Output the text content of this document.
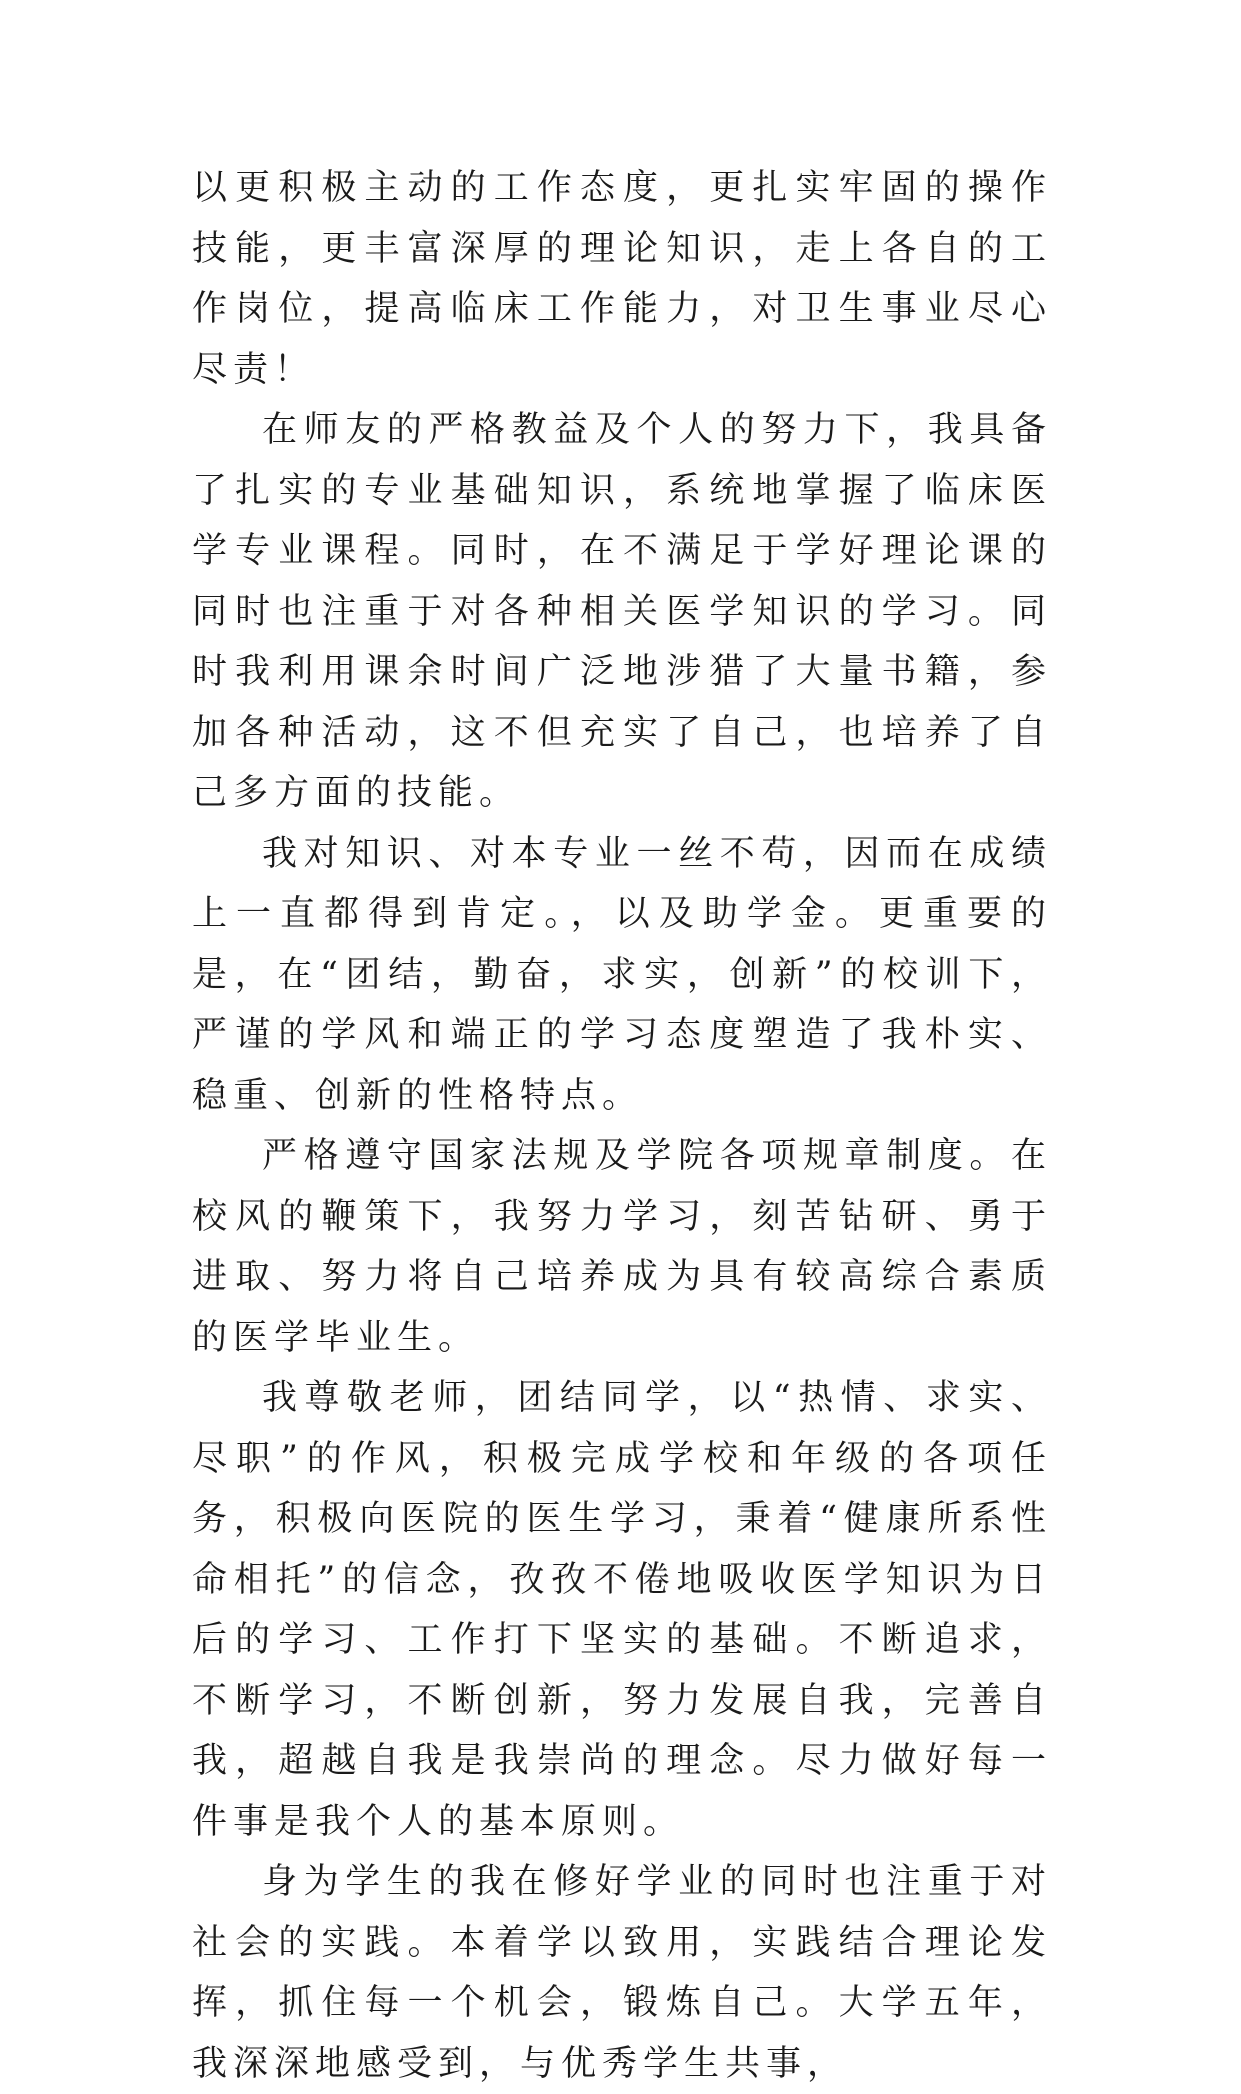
以更积极主动的工作态度，更扎实牢固的操作技能，更丰富深厚的理论知识，走上各自的工作岗位，提高临床工作能力，对卫生事业尽心尽责！

在师友的严格教益及个人的努力下，我具备了扎实的专业基础知识，系统地掌握了临床医学专业课程。同时，在不满足于学好理论课的同时也注重于对各种相关医学知识的学习。同时我利用课余时间广泛地涉猎了大量书籍，参加各种活动，这不但充实了自己，也培养了自己多方面的技能。

我对知识、对本专业一丝不苟，因而在成绩上一直都得到肯定。，以及助学金。更重要的是，在“团结，勤奋，求实，创新”的校训下，严谨的学风和端正的学习态度塑造了我朴实、稳重、创新的性格特点。

严格遵守国家法规及学院各项规章制度。在校风的鞭策下，我努力学习，刻苦钻研、勇于进取、努力将自己培养成为具有较高综合素质的医学毕业生。

我尊敬老师，团结同学，以“热情、求实、尽职”的作风，积极完成学校和年级的各项任务，积极向医院的医生学习，秉着“健康所系性命相托”的信念，孜孜不倦地吸收医学知识为日后的学习、工作打下坚实的基础。不断追求，不断学习，不断创新，努力发展自我，完善自我，超越自我是我崇尚的理念。尽力做好每一件事是我个人的基本原则。

身为学生的我在修好学业的同时也注重于对社会的实践。本着学以致用，实践结合理论发挥，抓住每一个机会，锻炼自己。大学五年，我深深地感受到，与优秀学生共事，
